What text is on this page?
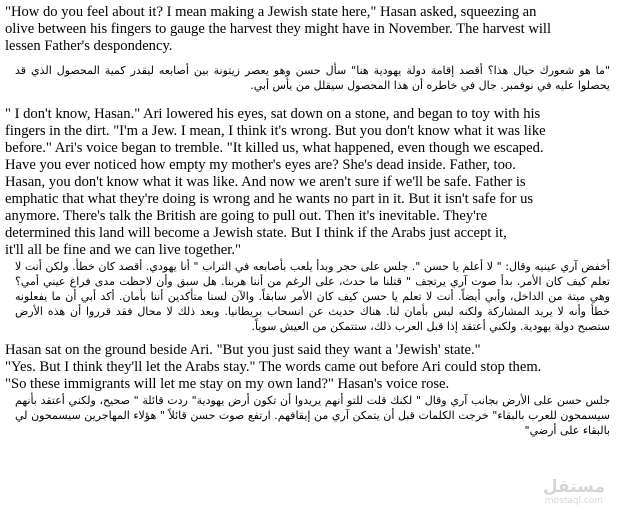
"How do you feel about it? I mean making a Jewish state here," Hasan asked, squeezing an
olive between his fingers to gauge the harvest they might have in November. The harvest will
lessen Father's despondency.

"ما هو شعورك حيال هذا؟ أقصد إقامة دولة يهودية هنا" سأل حسن وهو يعصر زيتونة بين أصابعه ليقدر كمية المحصول الذي قد يحصلوا عليه في نوفمبر. جال في خاطره أن هذا المحصول سيقلل من يأس أبي.

" I don't know, Hasan." Ari lowered his eyes, sat down on a stone, and began to toy with his
fingers in the dirt. "I'm a Jew. I mean, I think it's wrong. But you don't know what it was like
before." Ari's voice began to tremble. "It killed us, what happened, even though we escaped.
Have you ever noticed how empty my mother's eyes are? She's dead inside. Father, too.
Hasan, you don't know what it was like. And now we aren't sure if we'll be safe. Father is
emphatic that what they're doing is wrong and he wants no part in it. But it isn't safe for us
anymore. There's talk the British are going to pull out. Then it's inevitable. They're
determined this land will become a Jewish state. But I think if the Arabs just accept it,
it'll all be fine and we can live together."

أخفض آري عينيه وقال: " لا أعلم يا حسن ". جلس على حجر وبدأ يلعب بأصابعه في التراب " أنا يهودي. أقصد كان خطأ. ولكن أنت لا تعلم كيف كان الأمر. بدأ صوت آري يرتجف " قتلنا ما حدث، على الرغم من أننا هربنا. هل سبق وأن لاحظت مدى فراغ عيني أمي؟ وهي ميتة من الداخل، وأبي أيضاً. أنت لا تعلم يا حسن كيف كان الأمر سابقاً. والآن لسنا متأكدين أننا بأمان. أكد أبي أن ما يفعلونه خطأ وأنه لا يريد المشاركة ولكنه ليس بأمان لنا. هناك حديث عن انسحاب بريطانيا. وبعد ذلك لا محال فقد قرروا أن هذه الأرض ستصبح دولة يهودية. ولكني أعتقد إذا قبل العرب ذلك، ستتمكن من العيش سوياً.

Hasan sat on the ground beside Ari. "But you just said they want a 'Jewish' state."
"Yes. But I think they'll let the Arabs stay." The words came out before Ari could stop them.
"So these immigrants will let me stay on my own land?" Hasan's voice rose.

جلس حسن على الأرض بجانب آري وقال " لكنك قلت للتو أنهم يريدوا أن تكون أرض يهودية" ردت قائلة " صحيح، ولكني أعتقد بأنهم سيسمحون للعرب بالبقاء" خرجت الكلمات قبل أن يتمكن آري من إيقافهم. ارتفع صوت حسن قائلاً " هؤلاء المهاجرين سيسمحون لي بالبقاء على أرضي"

مستقل
mostaql.com
